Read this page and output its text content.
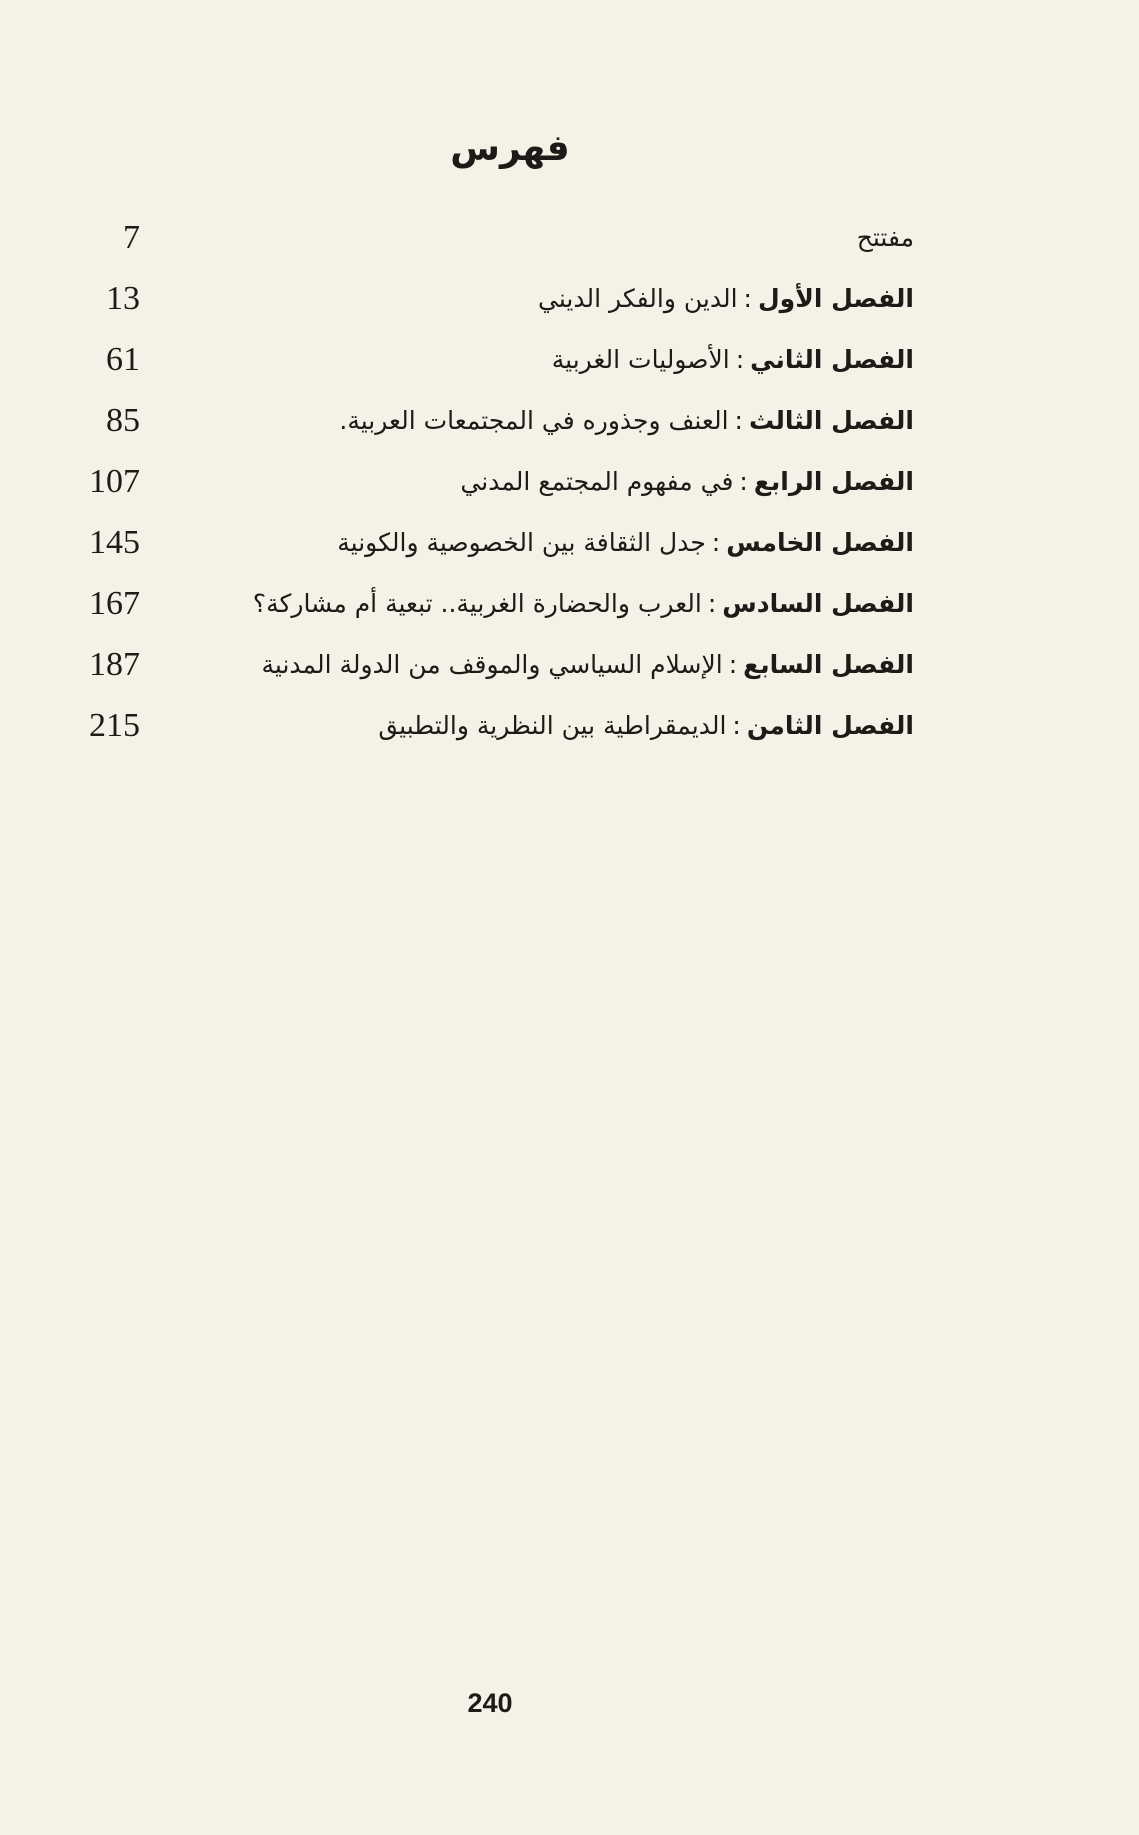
فهرس
مفتتح
7
الفصل الأول:الدين والفكر الديني
13
الفصل الثاني:الأصوليات الغربية
61
الفصل الثالث:العنف وجذوره في المجتمعات العربية.
85
الفصل الرابع:في مفهوم المجتمع المدني
107
الفصل الخامس:جدل الثقافة بين الخصوصية والكونية
145
الفصل السادس:العرب والحضارة الغربية.. تبعية أم مشاركة؟
167
الفصل السابع:الإسلام السياسي والموقف من الدولة المدنية
187
الفصل الثامن:الديمقراطية بين النظرية والتطبيق
215
240
